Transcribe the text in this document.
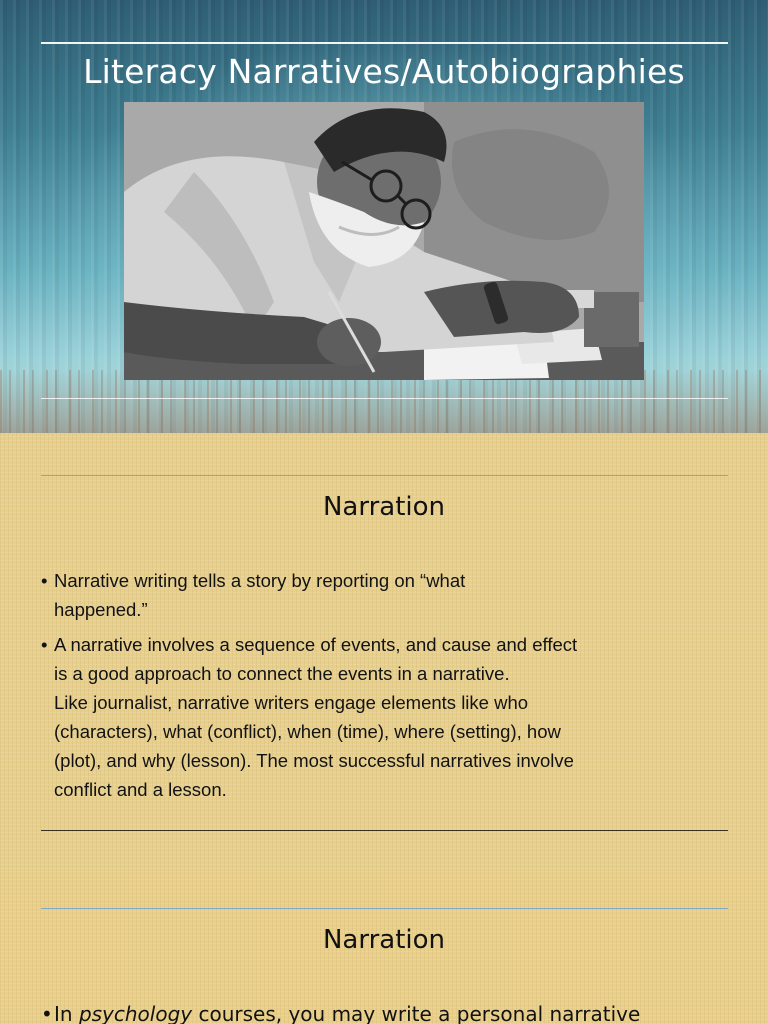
Literacy Narratives/Autobiographies
Narration
• Narrative writing tells a story by reporting on “what
happened.”
• A narrative involves a sequence of events, and cause and effect
is a good approach to connect the events in a narrative.
Like journalist, narrative writers engage elements like who
(characters), what (conflict), when (time), where (setting), how
(plot), and why (lesson). The most successful narratives involve
conflict and a lesson.
Narration
• In psychology courses, you may write a personal narrative
